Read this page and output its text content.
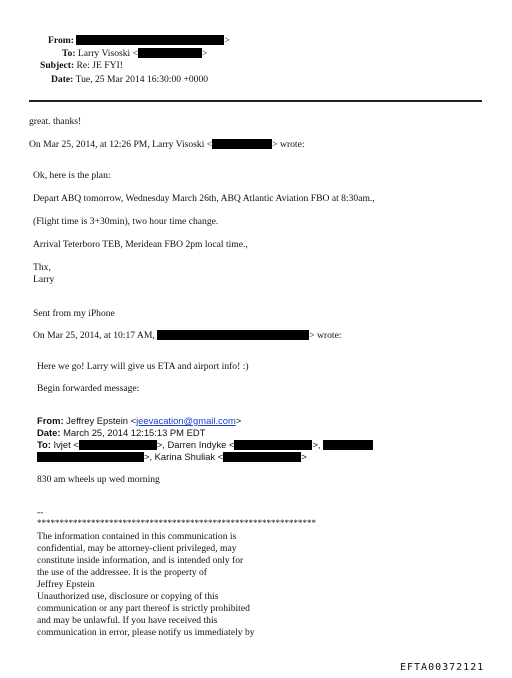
From:	>
To: Larry Visoski <	>
Subject: Re: JE FYI!
Date: Tue, 25 Mar 2014 16:30:00 +0000
great. thanks!
On Mar 25, 2014, at 12:26 PM, Larry Visoski <	> wrote:
Ok, here is the plan:
Depart ABQ tomorrow, Wednesday March 26th, ABQ Atlantic Aviation FBO at 8:30am.,
(Flight time is 3+30min), two hour time change.
Arrival Teterboro TEB, Meridean FBO 2pm local time.,
Thx,
Larry
Sent from my iPhone
On Mar 25, 2014, at 10:17 AM,	> wrote:
Here we go! Larry will give us ETA and airport info! :)
Begin forwarded message:
From: Jeffrey Epstein <jeevacation@gmail.com>
Date: March 25, 2014 12:15:13 PM EDT
To: Ivjet <	>, Darren Indyke <	>,
>, Karina Shuliak <	>
830 am wheels up wed morning
--
**************************************************************
The information contained in this communication is
confidential, may be attorney-client privileged, may
constitute inside information, and is intended only for
the use of the addressee. It is the property of
Jeffrey Epstein
Unauthorized use, disclosure or copying of this
communication or any part thereof is strictly prohibited
and may be unlawful. If you have received this
communication in error, please notify us immediately by
EFTA00372121
